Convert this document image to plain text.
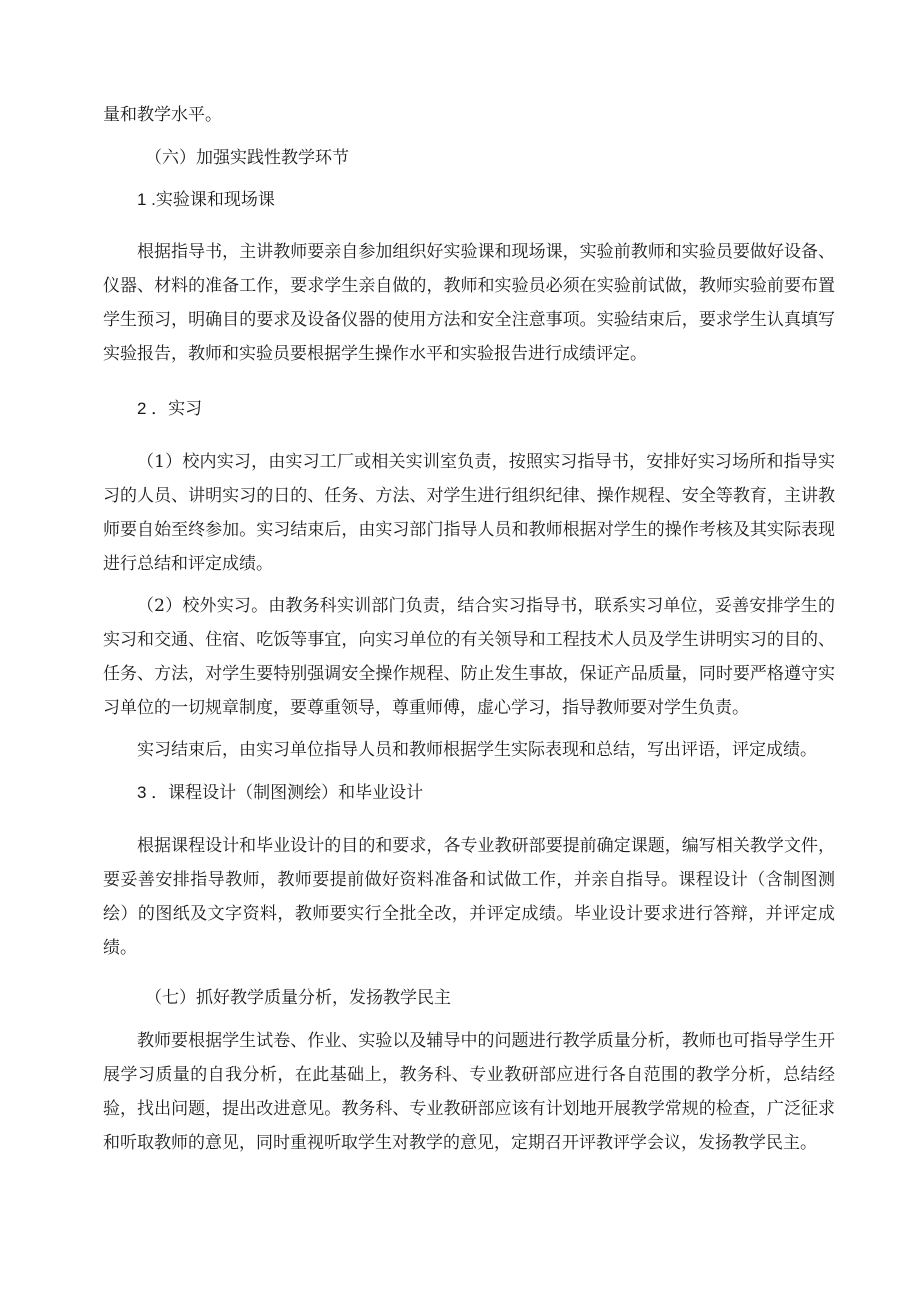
量和教学水平。
（六）加强实践性教学环节
1 .实验课和现场课
根据指导书，主讲教师要亲自参加组织好实验课和现场课，实验前教师和实验员要做好设备、仪器、材料的准备工作，要求学生亲自做的，教师和实验员必须在实验前试做，教师实验前要布置学生预习，明确目的要求及设备仪器的使用方法和安全注意事项。实验结束后，要求学生认真填写实验报告，教师和实验员要根据学生操作水平和实验报告进行成绩评定。
2 ．实习
（1）校内实习，由实习工厂或相关实训室负责，按照实习指导书，安排好实习场所和指导实习的人员、讲明实习的日的、任务、方法、对学生进行组织纪律、操作规程、安全等教育，主讲教师要自始至终参加。实习结束后，由实习部门指导人员和教师根据对学生的操作考核及其实际表现进行总结和评定成绩。
（2）校外实习。由教务科实训部门负责，结合实习指导书，联系实习单位，妥善安排学生的实习和交通、住宿、吃饭等事宜，向实习单位的有关领导和工程技术人员及学生讲明实习的目的、任务、方法，对学生要特别强调安全操作规程、防止发生事故，保证产品质量，同时要严格遵守实习单位的一切规章制度，要尊重领导，尊重师傅，虚心学习，指导教师要对学生负责。
实习结束后，由实习单位指导人员和教师根据学生实际表现和总结，写出评语，评定成绩。
3 ．课程设计（制图测绘）和毕业设计
根据课程设计和毕业设计的目的和要求，各专业教研部要提前确定课题，编写相关教学文件，要妥善安排指导教师，教师要提前做好资料准备和试做工作，并亲自指导。课程设计（含制图测绘）的图纸及文字资料，教师要实行全批全改，并评定成绩。毕业设计要求进行答辩，并评定成绩。
（七）抓好教学质量分析，发扬教学民主
教师要根据学生试卷、作业、实验以及辅导中的问题进行教学质量分析，教师也可指导学生开展学习质量的自我分析，在此基础上，教务科、专业教研部应进行各自范围的教学分析，总结经验，找出问题，提出改进意见。教务科、专业教研部应该有计划地开展教学常规的检查，广泛征求和听取教师的意见，同时重视听取学生对教学的意见，定期召开评教评学会议，发扬教学民主。
